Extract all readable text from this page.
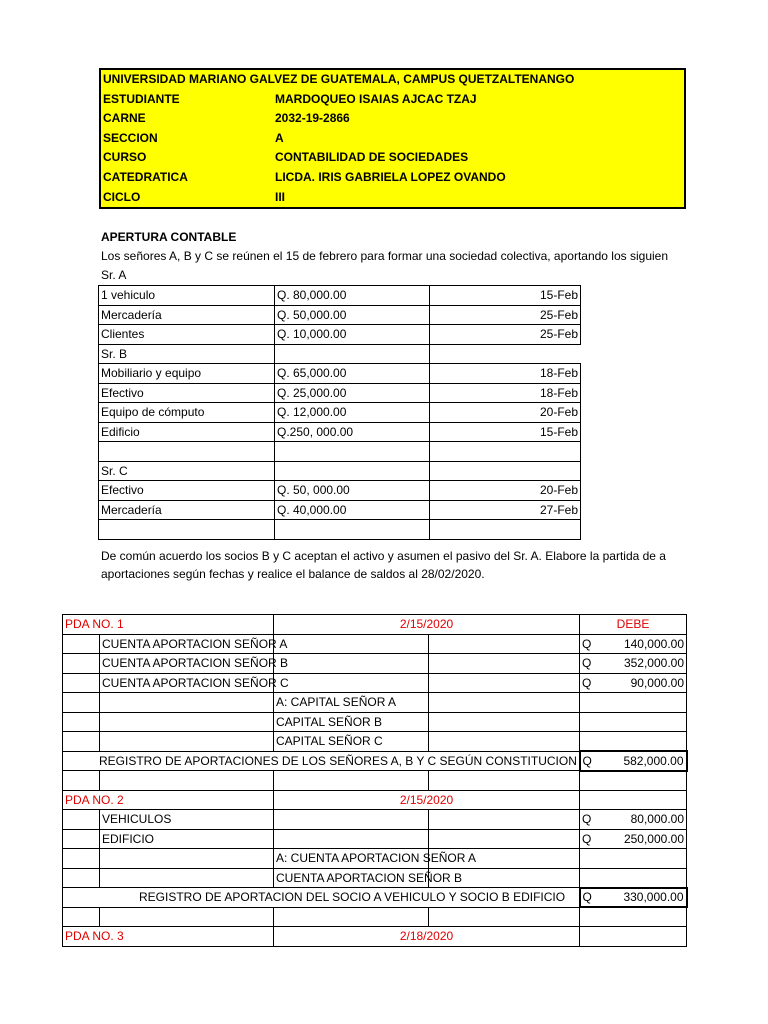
UNIVERSIDAD MARIANO GALVEZ DE GUATEMALA, CAMPUS QUETZALTENANGO
ESTUDIANTE	MARDOQUEO ISAIAS AJCAC TZAJ
CARNE	2032-19-2866
SECCION	A
CURSO	CONTABILIDAD DE SOCIEDADES
CATEDRATICA	LICDA. IRIS GABRIELA LOPEZ OVANDO
CICLO	III
APERTURA CONTABLE
Los señores A, B y C se reúnen el 15 de febrero para formar una sociedad colectiva, aportando los siguien
Sr. A
1 vehiculo	Q. 80,000.00	15-Feb
Mercadería	Q. 50,000.00	25-Feb
Clientes	Q. 10,000.00	25-Feb
Sr. B		
Mobiliario y equipo	Q. 65,000.00	18-Feb
Efectivo	Q. 25,000.00	18-Feb
Equipo de cómputo	Q. 12,000.00	20-Feb
Edificio	Q.250, 000.00	15-Feb

Sr. C		
Efectivo	Q. 50, 000.00	20-Feb
Mercadería	Q. 40,000.00	27-Feb

De común acuerdo los socios B y C aceptan el activo y asumen el pasivo del Sr. A. Elabore la partida de a
aportaciones según fechas y realice el balance de saldos al 28/02/2020.
PDA NO. 1		2/15/2020		DEBE	
	CUENTA APORTACION SEÑOR A			Q	140,000.00
	CUENTA APORTACION SEÑOR B			Q	352,000.00
	CUENTA APORTACION SEÑOR C			Q	90,000.00
		A: CAPITAL SEÑOR A			
		CAPITAL SEÑOR B			
		CAPITAL SEÑOR C			
REGISTRO DE APORTACIONES DE LOS SEÑORES A, B Y C SEGÚN CONSTITUCION				Q	582,000.00

PDA NO. 2		2/15/2020			
	VEHICULOS			Q	80,000.00
	EDIFICIO			Q	250,000.00
		A: CUENTA APORTACION SEÑOR A			
		CUENTA APORTACION SEÑOR B			
REGISTRO DE APORTACION DEL SOCIO A VEHICULO Y SOCIO B EDIFICIO				Q	330,000.00

PDA NO. 3		2/18/2020			
